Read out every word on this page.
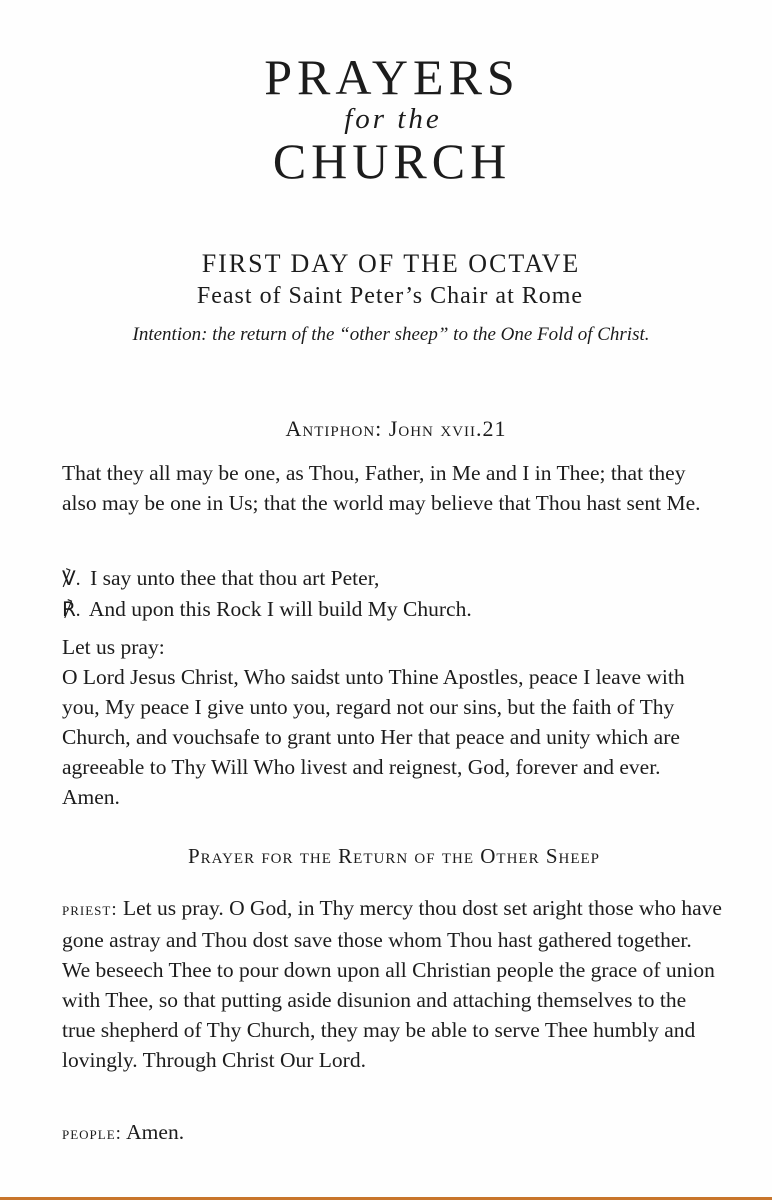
PRAYERS
for the
CHURCH
FIRST DAY OF THE OCTAVE
Feast of Saint Peter’s Chair at Rome
Intention: the return of the “other sheep” to the One Fold of Christ.
Antiphon: John xvii.21
That they all may be one, as Thou, Father, in Me and I in Thee; that they also may be one in Us; that the world may believe that Thou hast sent Me.
℣. I say unto thee that thou art Peter,
℟. And upon this Rock I will build My Church.
Let us pray:
O Lord Jesus Christ, Who saidst unto Thine Apostles, peace I leave with you, My peace I give unto you, regard not our sins, but the faith of Thy Church, and vouchsafe to grant unto Her that peace and unity which are agreeable to Thy Will Who livest and reignest, God, forever and ever. Amen.
Prayer for the Return of the Other Sheep
priest: Let us pray. O God, in Thy mercy thou dost set aright those who have gone astray and Thou dost save those whom Thou hast gathered together. We beseech Thee to pour down upon all Christian people the grace of union with Thee, so that putting aside disunion and attaching themselves to the true shepherd of Thy Church, they may be able to serve Thee humbly and lovingly. Through Christ Our Lord.
people: Amen.
